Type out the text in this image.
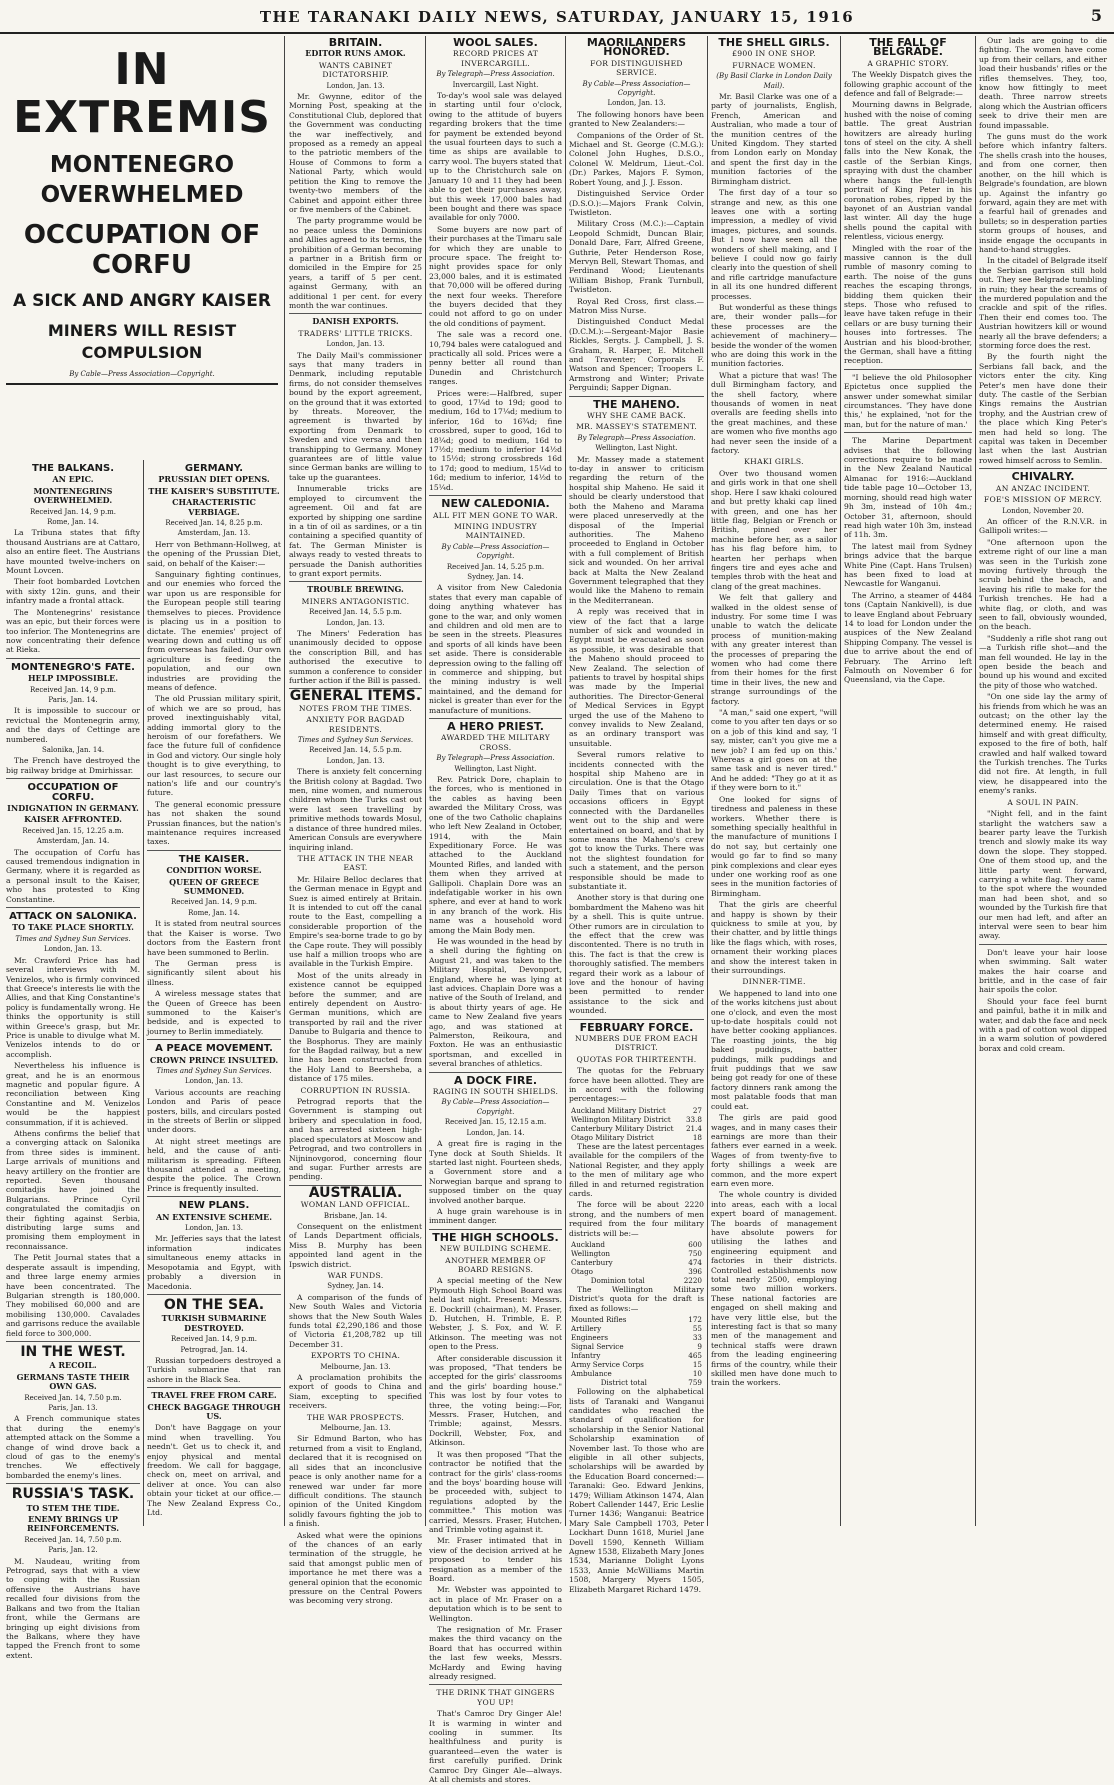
THE TARANAKI DAILY NEWS, SATURDAY, JANUARY 15, 1916	5
IN EXTREMIS
MONTENEGRO OVERWHELMED
OCCUPATION OF CORFU
A SICK AND ANGRY KAISER
MINERS WILL RESIST COMPULSION
By Cable—Press Association—Copyright.
THE BALKANS.
AN EPIC.
MONTENEGRINS OVERWHELMED.
Received Jan. 14, 9 p.m.
Rome, Jan. 14.

La Tribuna states that fifty thousand Austrians are at Cattaro, also an entire fleet. The Austrians have mounted twelve-inchers on Mount Lovcen.

Their foot bombarded Lovtchen with sixty 12in. guns, and their infantry made a frontal attack.

The Montenegrins' resistance was an epic, but their forces were too inferior. The Montenegrins are now concentrating their defence at Rieka.

MONTENEGRO'S FATE.
HELP IMPOSSIBLE.
Received Jan. 14, 9 p.m.
Paris, Jan. 14.

It is impossible to succour or revictual the Montenegrin army, and the days of Cettinge are numbered.

Salonika, Jan. 14.

The French have destroyed the big railway bridge at Dmirhissar.

OCCUPATION OF CORFU.
INDIGNATION IN GERMANY.
KAISER AFFRONTED.
Received Jan. 15, 12.25 a.m.
Amsterdam, Jan. 14.

The occupation of Corfu has caused tremendous indignation in Germany, where it is regarded as a personal insult to the Kaiser, who has protested to King Constantine.

ATTACK ON SALONIKA.
TO TAKE PLACE SHORTLY.
Times and Sydney Sun Services.
London, Jan. 13.

Mr. Crawford Price has had several interviews with M. Venizelos, who is firmly convinced that Greece's interests lie with the Allies, and that King Constantine's policy is fundamentally wrong. He thinks the opportunity is still within Greece's grasp, but Mr. Price is unable to divulge what M. Venizelos intends to do or accomplish.

Nevertheless his influence is great, and he is an enormous magnetic and popular figure. A reconciliation between King Constantine and M. Venizelos would be the happiest consummation, if it is achieved.

Athens confirms the belief that a converging attack on Salonika from three sides is imminent. Large arrivals of munitions and heavy artillery on the frontier are reported. Seven thousand comitadjis have joined the Bulgarians. Prince Cyril congratulated the comitadjis on their fighting against Serbia, distributing large sums and promising them employment in reconnaissance.

The Petit Journal states that a desperate assault is impending, and three large enemy armies have been concentrated. The Bulgarian strength is 180,000. They mobilised 60,000 and are mobilising 130,000. Cavalades and garrisons reduce the available field force to 300,000.

IN THE WEST.
A RECOIL.
GERMANS TASTE THEIR OWN GAS.
Received Jan. 14, 7.50 p.m.
Paris, Jan. 13.

A French communique states that during the enemy's attempted attack on the Somme a change of wind drove back a cloud of gas to the enemy's trenches. We effectively bombarded the enemy's lines.

RUSSIA'S TASK.
TO STEM THE TIDE.
ENEMY BRINGS UP REINFORCEMENTS.
Received Jan. 14, 7.50 p.m.
Paris, Jan. 12.

M. Naudeau, writing from Petrograd, says that with a view to coping with the Russian offensive the Austrians have recalled four divisions from the Balkans and two from the Italian front, while the Germans are bringing up eight divisions from the Balkans, where they have tapped the French front to some extent.

GERMANY.
PRUSSIAN DIET OPENS.
THE KAISER'S SUBSTITUTE.
CHARACTERISTIC VERBIAGE.
Received Jan. 14, 8.25 p.m.
Amsterdam, Jan. 13.

Herr von Bethmann-Hollweg, at the opening of the Prussian Diet, said, on behalf of the Kaiser:—

Sanguinary fighting continues, and our enemies who forced the war upon us are responsible for the European people still tearing themselves to pieces. Providence is placing us in a position to dictate. The enemies' project of wearing down and cutting us off from overseas has failed. Our own agriculture is feeding the population, and our own industries are providing the means of defence.

The old Prussian military spirit, of which we are so proud, has proved inextinguishably vital, adding immortal glory to the heroism of our forefathers. We face the future full of confidence in God and victory. Our single holy thought is to give everything, to our last resources, to secure our nation's life and our country's future.

The general economic pressure has not shaken the sound Prussian finances, but the nation's maintenance requires increased taxes.

THE KAISER.
CONDITION WORSE.
QUEEN OF GREECE SUMMONED.
Received Jan. 14, 9 p.m.
Rome, Jan. 14.

It is stated from neutral sources that the Kaiser is worse. Two doctors from the Eastern front have been summoned to Berlin.

The German press is significantly silent about his illness.

A wireless message states that the Queen of Greece has been summoned to the Kaiser's bedside, and is expected to journey to Berlin immediately.

A PEACE MOVEMENT.
CROWN PRINCE INSULTED.
Times and Sydney Sun Services.
London, Jan. 13.

Various accounts are reaching London and Paris of peace posters, bills, and circulars posted in the streets of Berlin or slipped under doors.

At night street meetings are held, and the cause of anti-militarism is spreading. Fifteen thousand attended a meeting, despite the police. The Crown Prince is frequently insulted.

NEW PLANS.
AN EXTENSIVE SCHEME.
London, Jan. 13.

Mr. Jefferies says that the latest information indicates simultaneous enemy attacks in Mesopotamia and Egypt, with probably a diversion in Macedonia.

ON THE SEA.
TURKISH SUBMARINE DESTROYED.
Received Jan. 14, 9 p.m.
Petrograd, Jan. 14.

Russian torpedoers destroyed a Turkish submarine that ran ashore in the Black Sea.

TRAVEL FREE FROM CARE.
CHECK BAGGAGE THROUGH US.

Don't have Baggage on your mind when travelling. You needn't. Get us to check it, and enjoy physical and mental freedom. We call for baggage, check on, meet on arrival, and deliver at once. You can also obtain your ticket at our office.—The New Zealand Express Co., Ltd.

BRITAIN.
EDITOR RUNS AMOK.
WANTS CABINET DICTATORSHIP.
London, Jan. 13.

Mr. Gwynne, editor of the Morning Post, speaking at the Constitutional Club, deplored that the Government was conducting the war ineffectively, and proposed as a remedy an appeal to the patriotic members of the House of Commons to form a National Party, which would petition the King to remove the twenty-two members of the Cabinet and appoint either three or five members of the Cabinet.

The party programme would be no peace unless the Dominions and Allies agreed to its terms, the prohibition of a German becoming a partner in a British firm or domiciled in the Empire for 25 years, a tariff of 5 per cent. against Germany, with an additional 1 per cent. for every month the war continues.

DANISH EXPORTS.
TRADERS' LITTLE TRICKS.
London, Jan. 13.

The Daily Mail's commissioner says that many traders in Denmark, including reputable firms, do not consider themselves bound by the export agreement, on the ground that it was extorted by threats. Moreover, the agreement is thwarted by exporting from Denmark to Sweden and vice versa and then transhipping to Germany. Money guarantees are of little value since German banks are willing to take up the guarantees.

Innumerable tricks are employed to circumvent the agreement. Oil and fat are exported by shipping one sardine in a tin of oil as sardines, or a tin containing a specified quantity of fat. The German Minister is always ready to vested threats to persuade the Danish authorities to grant export permits.

TROUBLE BREWING.
MINERS ANTAGONISTIC.
Received Jan. 14, 5.5 p.m.
London, Jan. 13.

The Miners' Federation has unanimously decided to oppose the conscription Bill, and has authorised the executive to summon a conference to consider further action if the Bill is passed.

GENERAL ITEMS.
NOTES FROM THE TIMES.
ANXIETY FOR BAGDAD RESIDENTS.
Times and Sydney Sun Services.
Received Jan. 14, 5.5 p.m.
London, Jan. 13.

There is anxiety felt concerning the British colony at Bagdad. Two men, nine women, and numerous children whom the Turks cast out were last seen travelling by primitive methods towards Mosul, a distance of three hundred miles. American Consuls are everywhere inquiring inland.

THE ATTACK IN THE NEAR EAST.

Mr. Hilaire Belloc declares that the German menace in Egypt and Suez is aimed entirely at Britain. It is intended to cut off the canal route to the East, compelling a considerable proportion of the Empire's sea-borne trade to go by the Cape route. They will possibly use half a million troops who are available in the Turkish Empire.

Most of the units already in existence cannot be equipped before the summer, and are entirely dependent on Austro-German munitions, which are transported by rail and the river Danube to Bulgaria and thence to the Bosphorus. They are mainly for the Bagdad railway, but a new line has been constructed from the Holy Land to Beersheba, a distance of 175 miles.

CORRUPTION IN RUSSIA.

Petrograd reports that the Government is stamping out bribery and speculation in food, and has arrested sixteen high-placed speculators at Moscow and Petrograd, and two controllers in Nijninovgorod, concerning flour and sugar. Further arrests are pending.

AUSTRALIA.
WOMAN LAND OFFICIAL.
Brisbane, Jan. 14.

Consequent on the enlistment of Lands Department officials, Miss B. Murphy has been appointed land agent in the Ipswich district.

WAR FUNDS.
Sydney, Jan. 14.

A comparison of the funds of New South Wales and Victoria shows that the New South Wales funds total £2,290,186 and those of Victoria £1,208,782 up till December 31.

EXPORTS TO CHINA.
Melbourne, Jan. 13.

A proclamation prohibits the export of goods to China and Siam, excepting to specified receivers.

THE WAR PROSPECTS.
Melbourne, Jan. 13.

Sir Edmund Barton, who has returned from a visit to England, declared that it is recognised on all sides that an inconclusive peace is only another name for a renewed war under far more difficult conditions. The staunch opinion of the United Kingdom solidly favours fighting the job to a finish.

Asked what were the opinions of the chances of an early termination of the struggle, he said that amongst public men of importance he met there was a general opinion that the economic pressure on the Central Powers was becoming very strong.

WOOL SALES.
RECORD PRICES AT INVERCARGILL.
By Telegraph—Press Association.
Invercargill, Last Night.

To-day's wool sale was delayed in starting until four o'clock, owing to the attitude of buyers regarding brokers that the time for payment be extended beyond the usual fourteen days to such a time as ships are available to carry wool. The buyers stated that up to the Christchurch sale on January 10 and 11 they had been able to get their purchases away, but this week 17,000 bales had been bought and there was space available for only 7000.

Some buyers are now part of their purchases at the Timaru sale for which they are unable to procure space. The freight to-night provides space for only 23,000 bales, and it is estimated that 70,000 will be offered during the next four weeks. Therefore the buyers decided that they could not afford to go on under the old conditions of payment.

The sale was a record one. 10,794 bales were catalogued and practically all sold. Prices were a penny better all round than Dunedin and Christchurch ranges.

Prices were:—Halfbred, super to good, 17¼d to 19d; good to medium, 16d to 17¼d; medium to inferior, 16d to 16¾d; fine crossbred, super to good, 16d to 18¼d; good to medium, 16d to 17½d; medium to inferior 14½d to 15½d; strong crossbreds 16d to 17d; good to medium, 15¼d to 16d; medium to inferior, 14½d to 15¼d.

NEW CALEDONIA.
ALL FIT MEN GONE TO WAR.
MINING INDUSTRY MAINTAINED.
By Cable—Press Association—Copyright.
Received Jan. 14, 5.25 p.m.
Sydney, Jan. 14.

A visitor from New Caledonia states that every man capable of doing anything whatever has gone to the war, and only women and children and old men are to be seen in the streets. Pleasures and sports of all kinds have been set aside. There is considerable depression owing to the falling off in commerce and shipping, but the mining industry is well maintained, and the demand for nickel is greater than ever for the manufacture of munitions.

A HERO PRIEST.
AWARDED THE MILITARY CROSS.
By Telegraph—Press Association.
Wellington, Last Night.

Rev. Patrick Dore, chaplain to the forces, who is mentioned in the cables as having been awarded the Military Cross, was one of the two Catholic chaplains who left New Zealand in October, 1914, with the Main Expeditionary Force. He was attached to the Auckland Mounted Rifles, and landed with them when they arrived at Gallipoli. Chaplain Dore was an indefatigable worker in his own sphere, and ever at hand to work in any branch of the work. His name was a household word among the Main Body men.

He was wounded in the head by a shell during the fighting on August 21, and was taken to the Military Hospital, Devonport, England, where he was lying at last advices. Chaplain Dore was a native of the South of Ireland, and is about thirty years of age. He came to New Zealand five years ago, and was stationed at Palmerston, Reikoura, and Foxton. He was an enthusiastic sportsman, and excelled in several branches of athletics.

A DOCK FIRE.
RAGING IN SOUTH SHIELDS.
By Cable—Press Association—Copyright.
Received Jan. 15, 12.15 a.m.
London, Jan. 14.

A great fire is raging in the Tyne dock at South Shields. It started last night. Fourteen sheds, a Government store and a Norwegian barque and sprang to supposed timber on the quay involved another barque.

A huge grain warehouse is in imminent danger.

THE HIGH SCHOOLS.
NEW BUILDING SCHEME.
ANOTHER MEMBER OF BOARD RESIGNS.

A special meeting of the New Plymouth High School Board was held last night. Present: Messrs. E. Dockrill (chairman), M. Fraser, D. Hutchen, H. Trimble, E. P. Webster, J. S. Fox, and W. F. Atkinson. The meeting was not open to the Press.

After considerable discussion it was proposed, "That tenders be accepted for the girls' classrooms and the girls' boarding house." This was lost by four votes to three, the voting being:—For, Messrs. Fraser, Hutchen, and Trimble; against, Messrs. Dockrill, Webster, Fox, and Atkinson.

It was then proposed "That the contractor be notified that the contract for the girls' class-rooms and the boys' boarding house will be proceeded with, subject to regulations adopted by the committee." This motion was carried, Messrs. Fraser, Hutchen, and Trimble voting against it.

Mr. Fraser intimated that in view of the decision arrived at he proposed to tender his resignation as a member of the Board.

Mr. Webster was appointed to act in place of Mr. Fraser on a deputation which is to be sent to Wellington.

The resignation of Mr. Fraser makes the third vacancy on the Board that has occurred within the last few weeks, Messrs. McHardy and Ewing having already resigned.

THE DRINK THAT GINGERS YOU UP!

That's Camroc Dry Ginger Ale! It is warming in winter and cooling in summer. Its healthfulness and purity is guaranteed—even the water is first carefully purified. Drink Camroc Dry Ginger Ale—always. At all chemists and stores.

MAORILANDERS HONORED.
FOR DISTINGUISHED SERVICE.
By Cable—Press Association—Copyright.
London, Jan. 13.

The following honors have been granted to New Zealanders:—

Companions of the Order of St. Michael and St. George (C.M.G.): Colonel John Hughes, D.S.O., Colonel W. Meldrum, Lieut.-Col. (Dr.) Parkes, Majors F. Symon, Robert Young, and J. J. Esson.

Distinguished Service Order (D.S.O.):—Majors Frank Colvin, Twistleton.

Military Cross (M.C.):—Captain Leopold Schmidt, Duncan Blair, Donald Dare, Farr, Alfred Greene, Guthrie, Peter Henderson Rose, Mervyn Bell, Stewart Thomas, and Ferdinand Wood; Lieutenants William Bishop, Frank Turnbull, Twistleton.

Royal Red Cross, first class.—Matron Miss Nurse.

Distinguished Conduct Medal (D.C.M.):—Sergeant-Major Basie Rickles, Sergts. J. Campbell, J. S. Graham, R. Harper, E. Mitchell and Traventer; Corporals F. Watson and Spencer; Troopers L. Armstrong and Winter; Private Perguindi; Sapper Dignan.

THE MAHENO.
WHY SHE CAME BACK.
MR. MASSEY'S STATEMENT.
By Telegraph—Press Association.
Wellington, Last Night.

Mr. Massey made a statement to-day in answer to criticism regarding the return of the hospital ship Maheno. He said it should be clearly understood that both the Maheno and Marama were placed unreservedly at the disposal of the Imperial authorities. The Maheno proceeded to England in October with a full complement of British sick and wounded. On her arrival back at Malta the New Zealand Government telegraphed that they would like the Maheno to remain in the Mediterranean.

A reply was received that in view of the fact that a large number of sick and wounded in Egypt must be evacuated as soon as possible, it was desirable that the Maheno should proceed to New Zealand. The selection of patients to travel by hospital ships was made by the Imperial authorities. The Director-General of Medical Services in Egypt urged the use of the Maheno to convey invalids to New Zealand, as an ordinary transport was unsuitable.

Several rumors relative to incidents connected with the hospital ship Maheno are in circulation. One is that the Otago Daily Times that on various occasions officers in Egypt connected with the Dardanelles went out to the ship and were entertained on board, and that by some means the Maheno's crew got to know the Turks. There was not the slightest foundation for such a statement, and the person responsible should be made to substantiate it.

Another story is that during one bombardment the Maheno was hit by a shell. This is quite untrue. Other rumors are in circulation to the effect that the crew was discontented. There is no truth in this. The fact is that the crew is thoroughly satisfied. The members regard their work as a labour of love and the honour of having been permitted to render assistance to the sick and wounded.

FEBRUARY FORCE.
NUMBERS DUE FROM EACH DISTRICT.
QUOTAS FOR THIRTEENTH.

The quotas for the February force have been allotted. They are in accord with the following percentages:—

Auckland Military District	27
Wellington Military District	33.8
Canterbury Military District	21.4
Otago Military District	18

These are the latest percentages available for the compilers of the National Register, and they apply to the men of military age who filled in and returned registration cards.

The force will be about 2220 strong, and the numbers of men required from the four military districts will be:—

Auckland	600
Wellington	750
Canterbury	474
Otago	396
Dominion total	2220

The Wellington Military District's quota for the draft is fixed as follows:—

Mounted Rifles	172
Artillery	55
Engineers	33
Signal Service	9
Infantry	465
Army Service Corps	15
Ambulance	10
District total	759

Following on the alphabetical lists of Taranaki and Wanganui candidates who reached the standard of qualification for scholarship in the Senior National Scholarship examination of November last. To those who are eligible in all other subjects, scholarships will be awarded by the Education Board concerned:—Taranaki: Geo. Edward Jenkins, 1479; William Atkinson 1474, Alan Robert Callender 1447, Eric Leslie Turner 1436; Wanganui: Beatrice Mary Sale Campbell 1703, Peter Lockhart Dunn 1618, Muriel Jane Dovell 1590, Kenneth William Agnew 1538, Elizabeth Mary Jones 1534, Marianne Dolight Lyons 1533, Annie McWilliams Martin 1508, Margery Myers 1505, Elizabeth Margaret Richard 1479.

THE SHELL GIRLS.
£900 IN ONE SHOP.
FURNACE WOMEN.
(By Basil Clarke in London Daily Mail).

Mr. Basil Clarke was one of a party of journalists, English, French, American and Australian, who made a tour of the munition centres of the United Kingdom. They started from London early on Monday and spent the first day in the munition factories of the Birmingham district.

The first day of a tour so strange and new, as this one leaves one with a sorting impression, a medley of vivid images, pictures, and sounds. But I now have seen all the wonders of shell making, and I believe I could now go fairly clearly into the question of shell and rifle cartridge manufacture in all its one hundred different processes.

But wonderful as these things are, their wonder palls—for these processes are the achievement of machinery—beside the wonder of the women who are doing this work in the munition factories.

What a picture that was! The dull Birmingham factory, and the shell factory, where thousands of women in neat overalls are feeding shells into the great machines, and these are women who five months ago had never seen the inside of a factory.

KHAKI GIRLS.

Over two thousand women and girls work in that one shell shop. Here I saw khaki coloured and but pretty khaki cap lined with green, and one has her little flag, Belgian or French or British, pinned over her machine before her, as a sailor has his flag before him, to hearten her perhaps when fingers tire and eyes ache and temples throb with the heat and clang of the great machines.

We felt that gallery and walked in the oldest sense of industry. For some time I was unable to watch the delicate process of munition-making with any greater interest than the processes of preparing the women who had come there from their homes for the first time in their lives, the new and strange surroundings of the factory.

"A man," said one expert, "will come to you after ten days or so on a job of this kind and say, 'I say, mister, can't you give me a new job? I am fed up on this.' Whereas a girl goes on at the same task and is never tired." And he added: "They go at it as if they were born to it."

One looked for signs of tiredness and paleness in these workers. Whether there is something specially healthful in the manufacture of munitions I do not say, but certainly one would go far to find so many pink complexions and clear eyes under one working roof as one sees in the munition factories of Birmingham.

That the girls are cheerful and happy is shown by their quickness to smile at you, by their chatter, and by little things like the flags which, with roses, ornament their working places and show the interest taken in their surroundings.

DINNER-TIME.

We happened to land into one of the works kitchens just about one o'clock, and even the most up-to-date hospitals could not have better cooking appliances. The roasting joints, the big baked puddings, batter puddings, milk puddings and fruit puddings that we saw being got ready for one of these factory dinners rank among the most palatable foods that man could eat.

The girls are paid good wages, and in many cases their earnings are more than their fathers ever earned in a week. Wages of from twenty-five to forty shillings a week are common, and the more expert earn even more.

The whole country is divided into areas, each with a local expert board of management. The boards of management have absolute powers for utilising the lathes and engineering equipment and factories in their districts. Controlled establishments now total nearly 2500, employing some two million workers. These national factories are engaged on shell making and have very little else, but the interesting fact is that so many men of the management and technical staffs were drawn from the leading engineering firms of the country, while their skilled men have done much to train the workers.

THE FALL OF BELGRADE.
A GRAPHIC STORY.

The Weekly Dispatch gives the following graphic account of the defence and fall of Belgrade:—

Mourning dawns in Belgrade, hushed with the noise of coming battle. The great Austrian howitzers are already hurling tons of steel on the city. A shell falls into the New Konak, the castle of the Serbian Kings, spraying with dust the chamber where hangs the full-length portrait of King Peter in his coronation robes, ripped by the bayonet of an Austrian vandal last winter. All day the huge shells pound the capital with relentless, vicious energy.

Mingled with the roar of the massive cannon is the dull rumble of masonry coming to earth. The noise of the guns reaches the escaping throngs, bidding them quicken their steps. Those who refused to leave have taken refuge in their cellars or are busy turning their houses into fortresses. The Austrian and his blood-brother, the German, shall have a fitting reception.

"I believe the old Philosopher Epictetus once supplied the answer under somewhat similar circumstances. 'They have done this,' he explained, 'not for the man, but for the nature of man.'

The Marine Department advises that the following corrections require to be made in the New Zealand Nautical Almanac for 1916:—Auckland tide table page 10—October 13, morning, should read high water 9h 3m, instead of 10h 4m.; October 31, afternoon, should read high water 10h 3m, instead of 11h. 3m.

The latest mail from Sydney brings advice that the barque White Pine (Capt. Hans Trulsen) has been fixed to load at Newcastle for Wanganui.

The Arrino, a steamer of 4484 tons (Captain Nankivell), is due to leave England about February 14 to load for London under the auspices of the New Zealand Shipping Company. The vessel is due to arrive about the end of February. The Arrino left Falmouth on November 6 for Queensland, via the Cape.

Our lads are going to die fighting. The women have come up from their cellars, and either load their husbands' rifles or the rifles themselves. They, too, know how fittingly to meet death. Three narrow streets along which the Austrian officers seek to drive their men are found impassable.

The guns must do the work before which infantry falters. The shells crash into the houses, and from one corner, then another, on the hill which is Belgrade's foundation, are blown up. Against the infantry go forward, again they are met with a fearful hail of grenades and bullets; so in desperation parties storm groups of houses, and inside engage the occupants in hand-to-hand struggles.

In the citadel of Belgrade itself the Serbian garrison still hold out. They see Belgrade tumbling in ruin; they hear the screams of the murdered population and the crackle and spit of the rifles. Then their end comes too. The Austrian howitzers kill or wound nearly all the brave defenders; a storming force does the rest.

By the fourth night the Serbians fall back, and the victors enter the city. King Peter's men have done their duty. The castle of the Serbian Kings remains the Austrian trophy, and the Austrian crew of the place which King Peter's men had held so long. The capital was taken in December last when the last Austrian rowed himself across to Semlin.

CHIVALRY.
AN ANZAC INCIDENT.
FOE'S MISSION OF MERCY.
London, November 20.

An officer of the R.N.V.R. in Gallipoli writes:—

"One afternoon upon the extreme right of our line a man was seen in the Turkish zone moving furtively through the scrub behind the beach, and leaving his rifle to make for the Turkish trenches. He had a white flag, or cloth, and was seen to fall, obviously wounded, on the beach.

"Suddenly a rifle shot rang out—a Turkish rifle shot—and the man fell wounded. He lay in the open beside the beach and bound up his wound and excited the pity of those who watched.

"On one side lay the army of his friends from which he was an outcast; on the other lay the determined enemy. He raised himself and with great difficulty, exposed to the fire of both, half crawled and half walked toward the Turkish trenches. The Turks did not fire. At length, in full view, he disappeared into the enemy's ranks.

A SOUL IN PAIN.

"Night fell, and in the faint starlight the watchers saw a bearer party leave the Turkish trench and slowly make its way down the slope. They stopped. One of them stood up, and the little party went forward, carrying a white flag. They came to the spot where the wounded man had been shot, and so wounded by the Turkish fire that our men had left, and after an interval were seen to bear him away.

Don't leave your hair loose when swimming. Salt water makes the hair coarse and brittle, and in the case of fair hair spoils the color.

Should your face feel burnt and painful, bathe it in milk and water, and dab the face and neck with a pad of cotton wool dipped in a warm solution of powdered borax and cold cream.
